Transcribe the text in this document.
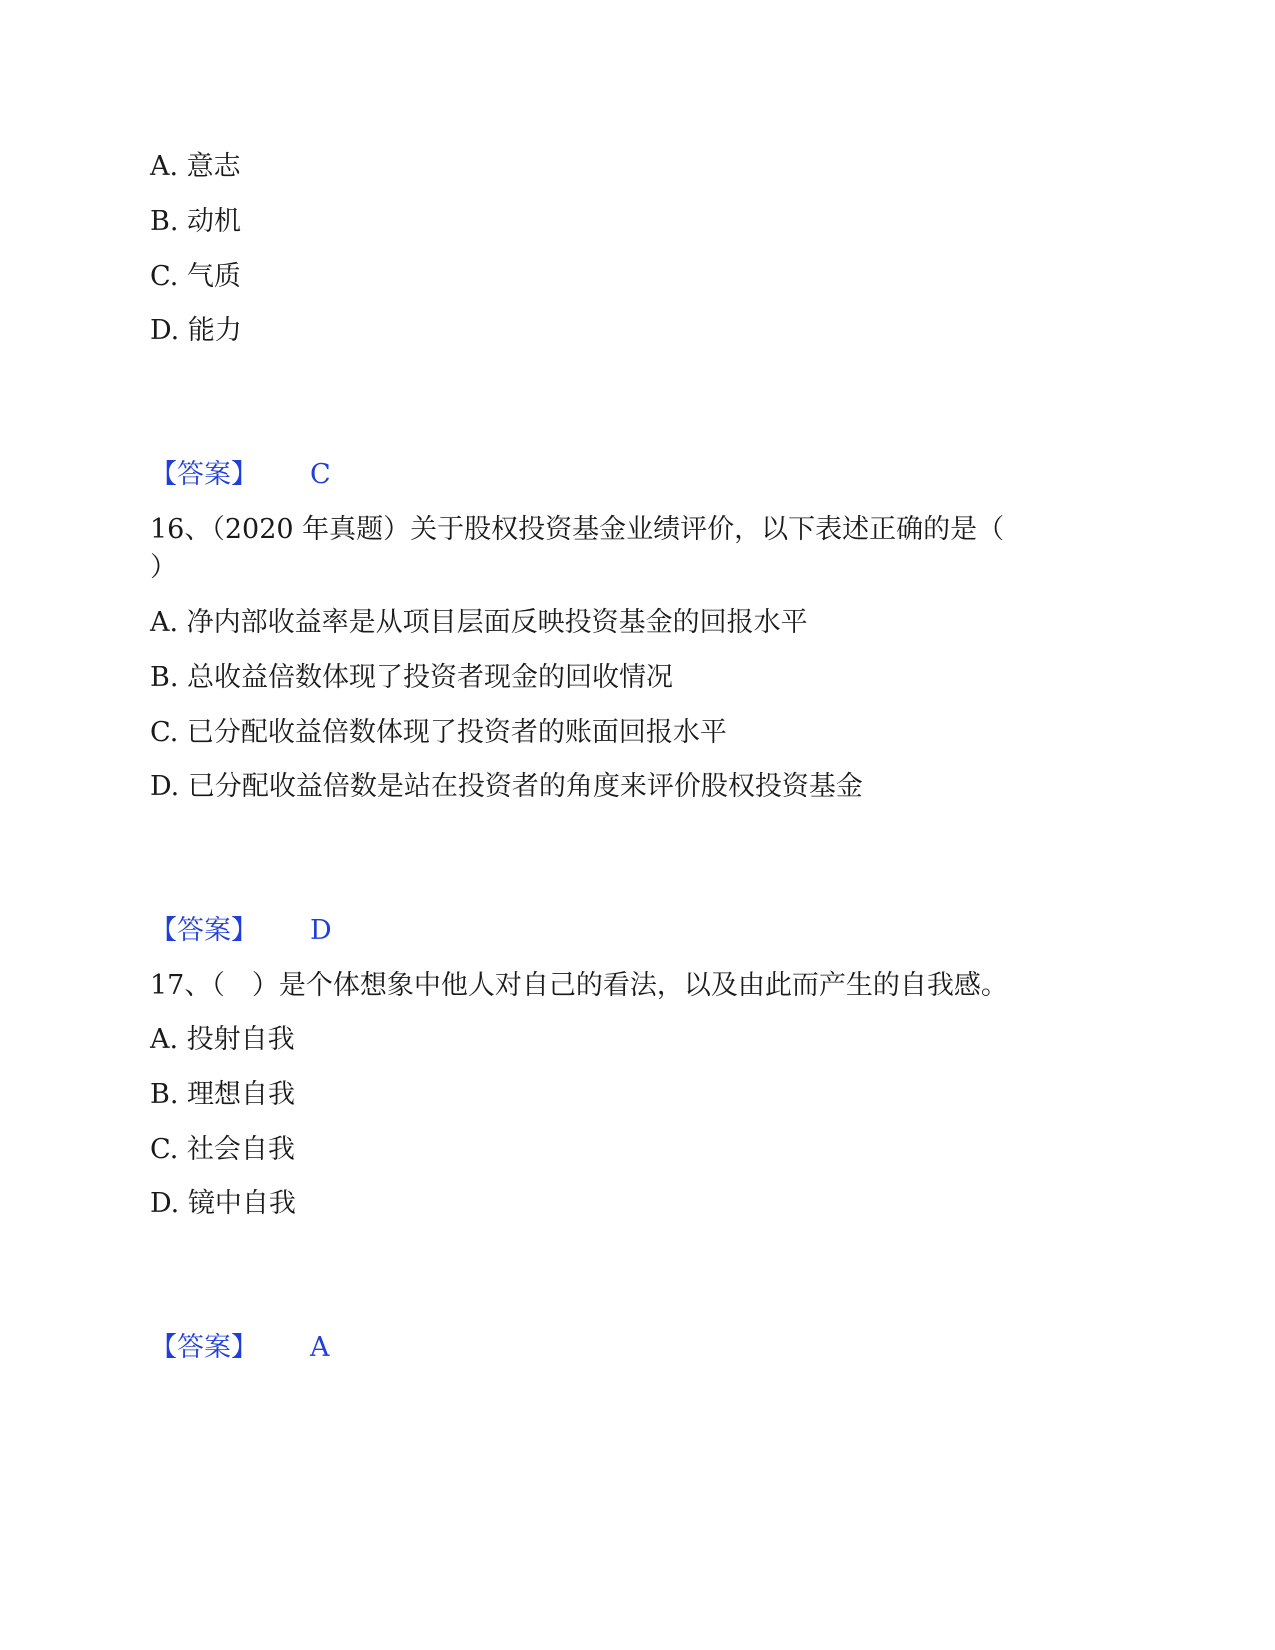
A. 意志
B. 动机
C. 气质
D. 能力
【答案】 C
16、（2020 年真题）关于股权投资基金业绩评价，以下表述正确的是（
）
A. 净内部收益率是从项目层面反映投资基金的回报水平
B. 总收益倍数体现了投资者现金的回收情况
C. 已分配收益倍数体现了投资者的账面回报水平
D. 已分配收益倍数是站在投资者的角度来评价股权投资基金
【答案】 D
17、（　）是个体想象中他人对自己的看法，以及由此而产生的自我感。
A. 投射自我
B. 理想自我
C. 社会自我
D. 镜中自我
【答案】 A
